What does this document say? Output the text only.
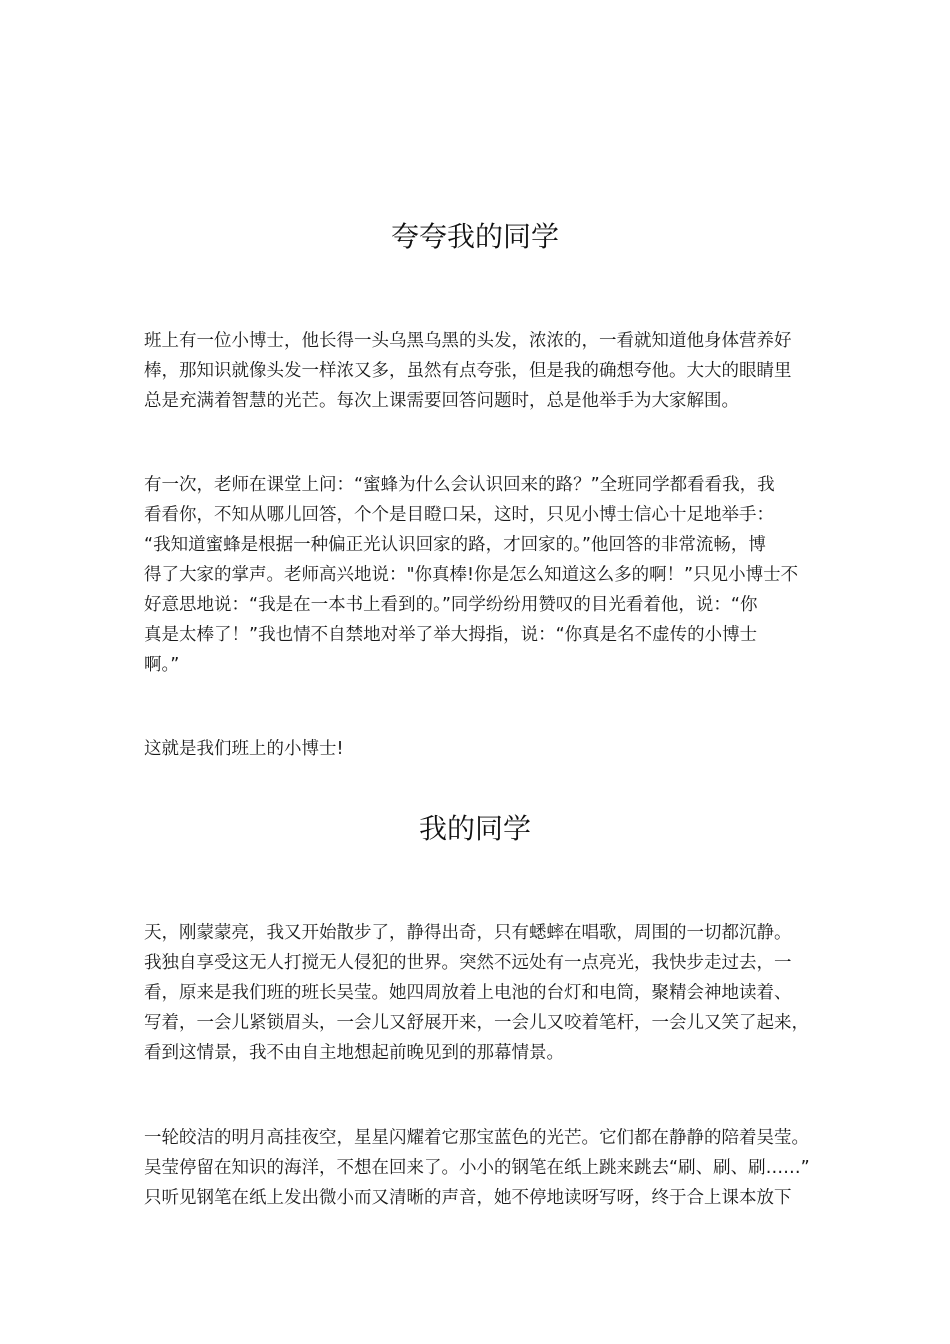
夸夸我的同学
班上有一位小博士，他长得一头乌黑乌黑的头发，浓浓的，一看就知道他身体营养好
棒，那知识就像头发一样浓又多，虽然有点夸张，但是我的确想夸他。大大的眼睛里
总是充满着智慧的光芒。每次上课需要回答问题时，总是他举手为大家解围。
有一次，老师在课堂上问：“蜜蜂为什么会认识回来的路？”全班同学都看看我，我
看看你，不知从哪儿回答，个个是目瞪口呆，这时，只见小博士信心十足地举手：
“我知道蜜蜂是根据一种偏正光认识回家的路，才回家的。”他回答的非常流畅，博
得了大家的掌声。老师高兴地说："你真棒!你是怎么知道这么多的啊！”只见小博士不
好意思地说：“我是在一本书上看到的。”同学纷纷用赞叹的目光看着他，说：“你
真是太棒了！”我也情不自禁地对举了举大拇指，说：“你真是名不虚传的小博士
啊。”
这就是我们班上的小博士!
我的同学
天，刚蒙蒙亮，我又开始散步了，静得出奇，只有蟋蟀在唱歌，周围的一切都沉静。
我独自享受这无人打搅无人侵犯的世界。突然不远处有一点亮光，我快步走过去，一
看，原来是我们班的班长吴莹。她四周放着上电池的台灯和电筒，聚精会神地读着、
写着，一会儿紧锁眉头，一会儿又舒展开来，一会儿又咬着笔杆，一会儿又笑了起来，
看到这情景，我不由自主地想起前晚见到的那幕情景。
一轮皎洁的明月高挂夜空，星星闪耀着它那宝蓝色的光芒。它们都在静静的陪着吴莹。
吴莹停留在知识的海洋，不想在回来了。小小的钢笔在纸上跳来跳去“刷、刷、刷……”
只听见钢笔在纸上发出微小而又清晰的声音，她不停地读呀写呀，终于合上课本放下
